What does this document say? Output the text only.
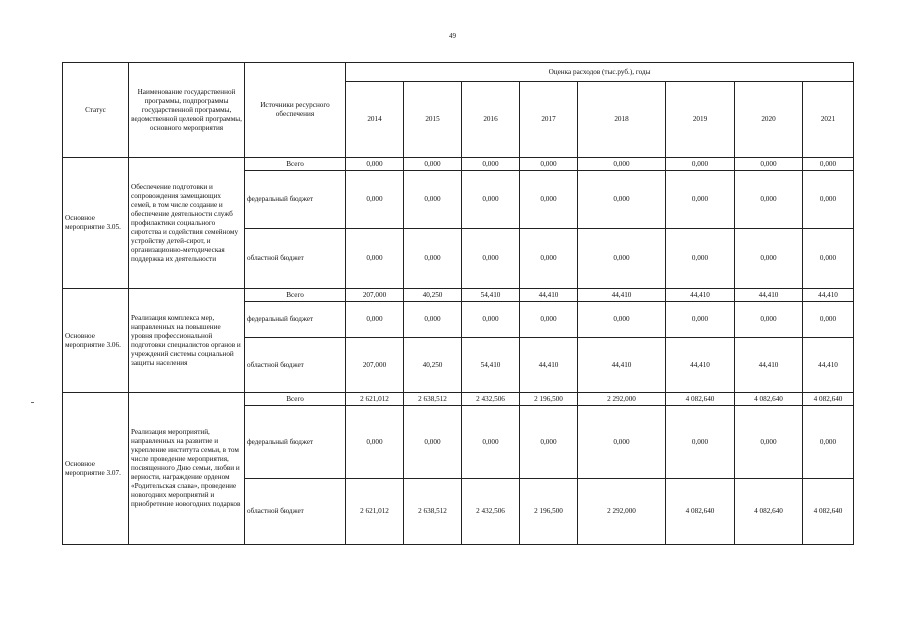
49
Статус	Наименование государственной программы, подпрограммы государственной программы, ведомственной целевой программы, основного мероприятия	Источники ресурсного обеспечения	Оценка расходов (тыс.руб.), годы							
			2014	2015	2016	2017	2018	2019	2020	2021
Основное мероприятие 3.05.	Обеспечение подготовки и сопровождения замещающих семей, в том числе создание и обеспечение деятельности служб профилактики социального сиротства и содействия семейному устройству детей-сирот, и организационно-методическая поддержка их деятельности	Всего	0,000	0,000	0,000	0,000	0,000	0,000	0,000	0,000
		федеральный бюджет	0,000	0,000	0,000	0,000	0,000	0,000	0,000	0,000
		областной бюджет	0,000	0,000	0,000	0,000	0,000	0,000	0,000	0,000
Основное мероприятие 3.06.	Реализация комплекса мер, направленных на повышение уровня профессиональной подготовки специалистов органов и учреждений системы социальной защиты населения	Всего	207,000	40,250	54,410	44,410	44,410	44,410	44,410	44,410
		федеральный бюджет	0,000	0,000	0,000	0,000	0,000	0,000	0,000	0,000
		областной бюджет	207,000	40,250	54,410	44,410	44,410	44,410	44,410	44,410
Основное мероприятие 3.07.	Реализация мероприятий, направленных на развитие и укрепление института семьи, в том числе проведение мероприятия, посвященного Дню семьи, любви и верности, награждение орденом «Родительская слава», проведение новогодних мероприятий и приобретение новогодних подарков	Всего	2 621,012	2 638,512	2 432,506	2 196,500	2 292,000	4 082,640	4 082,640	4 082,640
		федеральный бюджет	0,000	0,000	0,000	0,000	0,000	0,000	0,000	0,000
		областной бюджет	2 621,012	2 638,512	2 432,506	2 196,500	2 292,000	4 082,640	4 082,640	4 082,640
